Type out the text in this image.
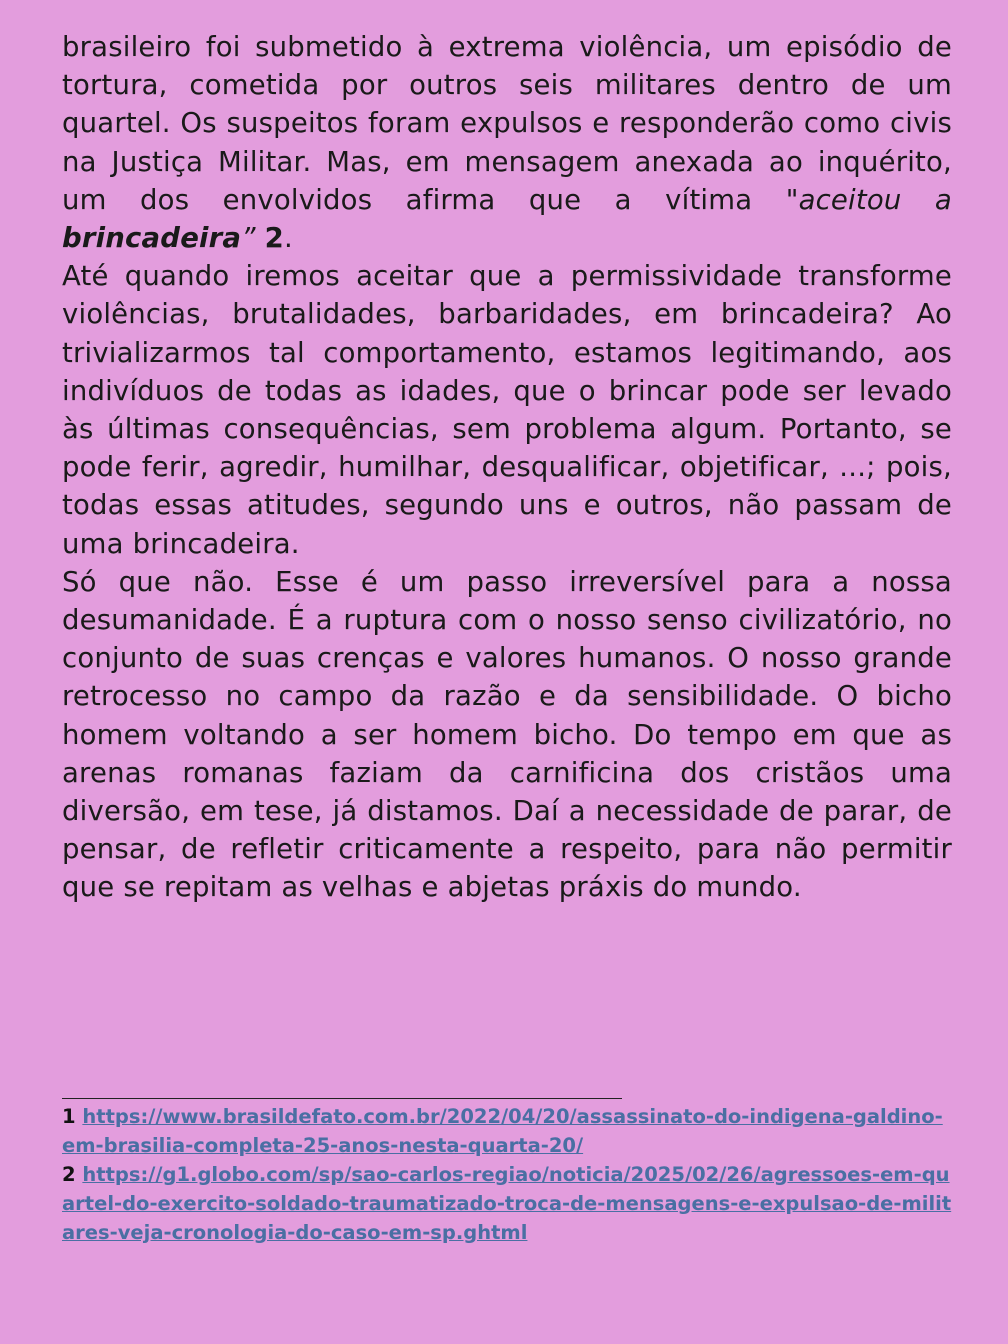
brasileiro foi submetido à extrema violência, um episódio de tortura, cometida por outros seis militares dentro de um quartel. Os suspeitos foram expulsos e responderão como civis na Justiça Militar. Mas, em mensagem anexada ao inquérito, um dos envolvidos afirma que a vítima "aceitou a brincadeira” 2.

Até quando iremos aceitar que a permissividade transforme violências, brutalidades, barbaridades, em brincadeira? Ao trivializarmos tal comportamento, estamos legitimando, aos indivíduos de todas as idades, que o brincar pode ser levado às últimas consequências, sem problema algum. Portanto, se pode ferir, agredir, humilhar, desqualificar, objetificar, ...; pois, todas essas atitudes, segundo uns e outros, não passam de uma brincadeira.

Só que não. Esse é um passo irreversível para a nossa desumanidade. É a ruptura com o nosso senso civilizatório, no conjunto de suas crenças e valores humanos. O nosso grande retrocesso no campo da razão e da sensibilidade. O bicho homem voltando a ser homem bicho. Do tempo em que as arenas romanas faziam da carnificina dos cristãos uma diversão, em tese, já distamos. Daí a necessidade de parar, de pensar, de refletir criticamente a respeito, para não permitir que se repitam as velhas e abjetas práxis do mundo.

1 https://www.brasildefato.com.br/2022/04/20/assassinato-do-indigena-galdino-em-brasilia-completa-25-anos-nesta-quarta-20/

2 https://g1.globo.com/sp/sao-carlos-regiao/noticia/2025/02/26/agressoes-em-quartel-do-exercito-soldado-traumatizado-troca-de-mensagens-e-expulsao-de-militares-veja-cronologia-do-caso-em-sp.ghtml
